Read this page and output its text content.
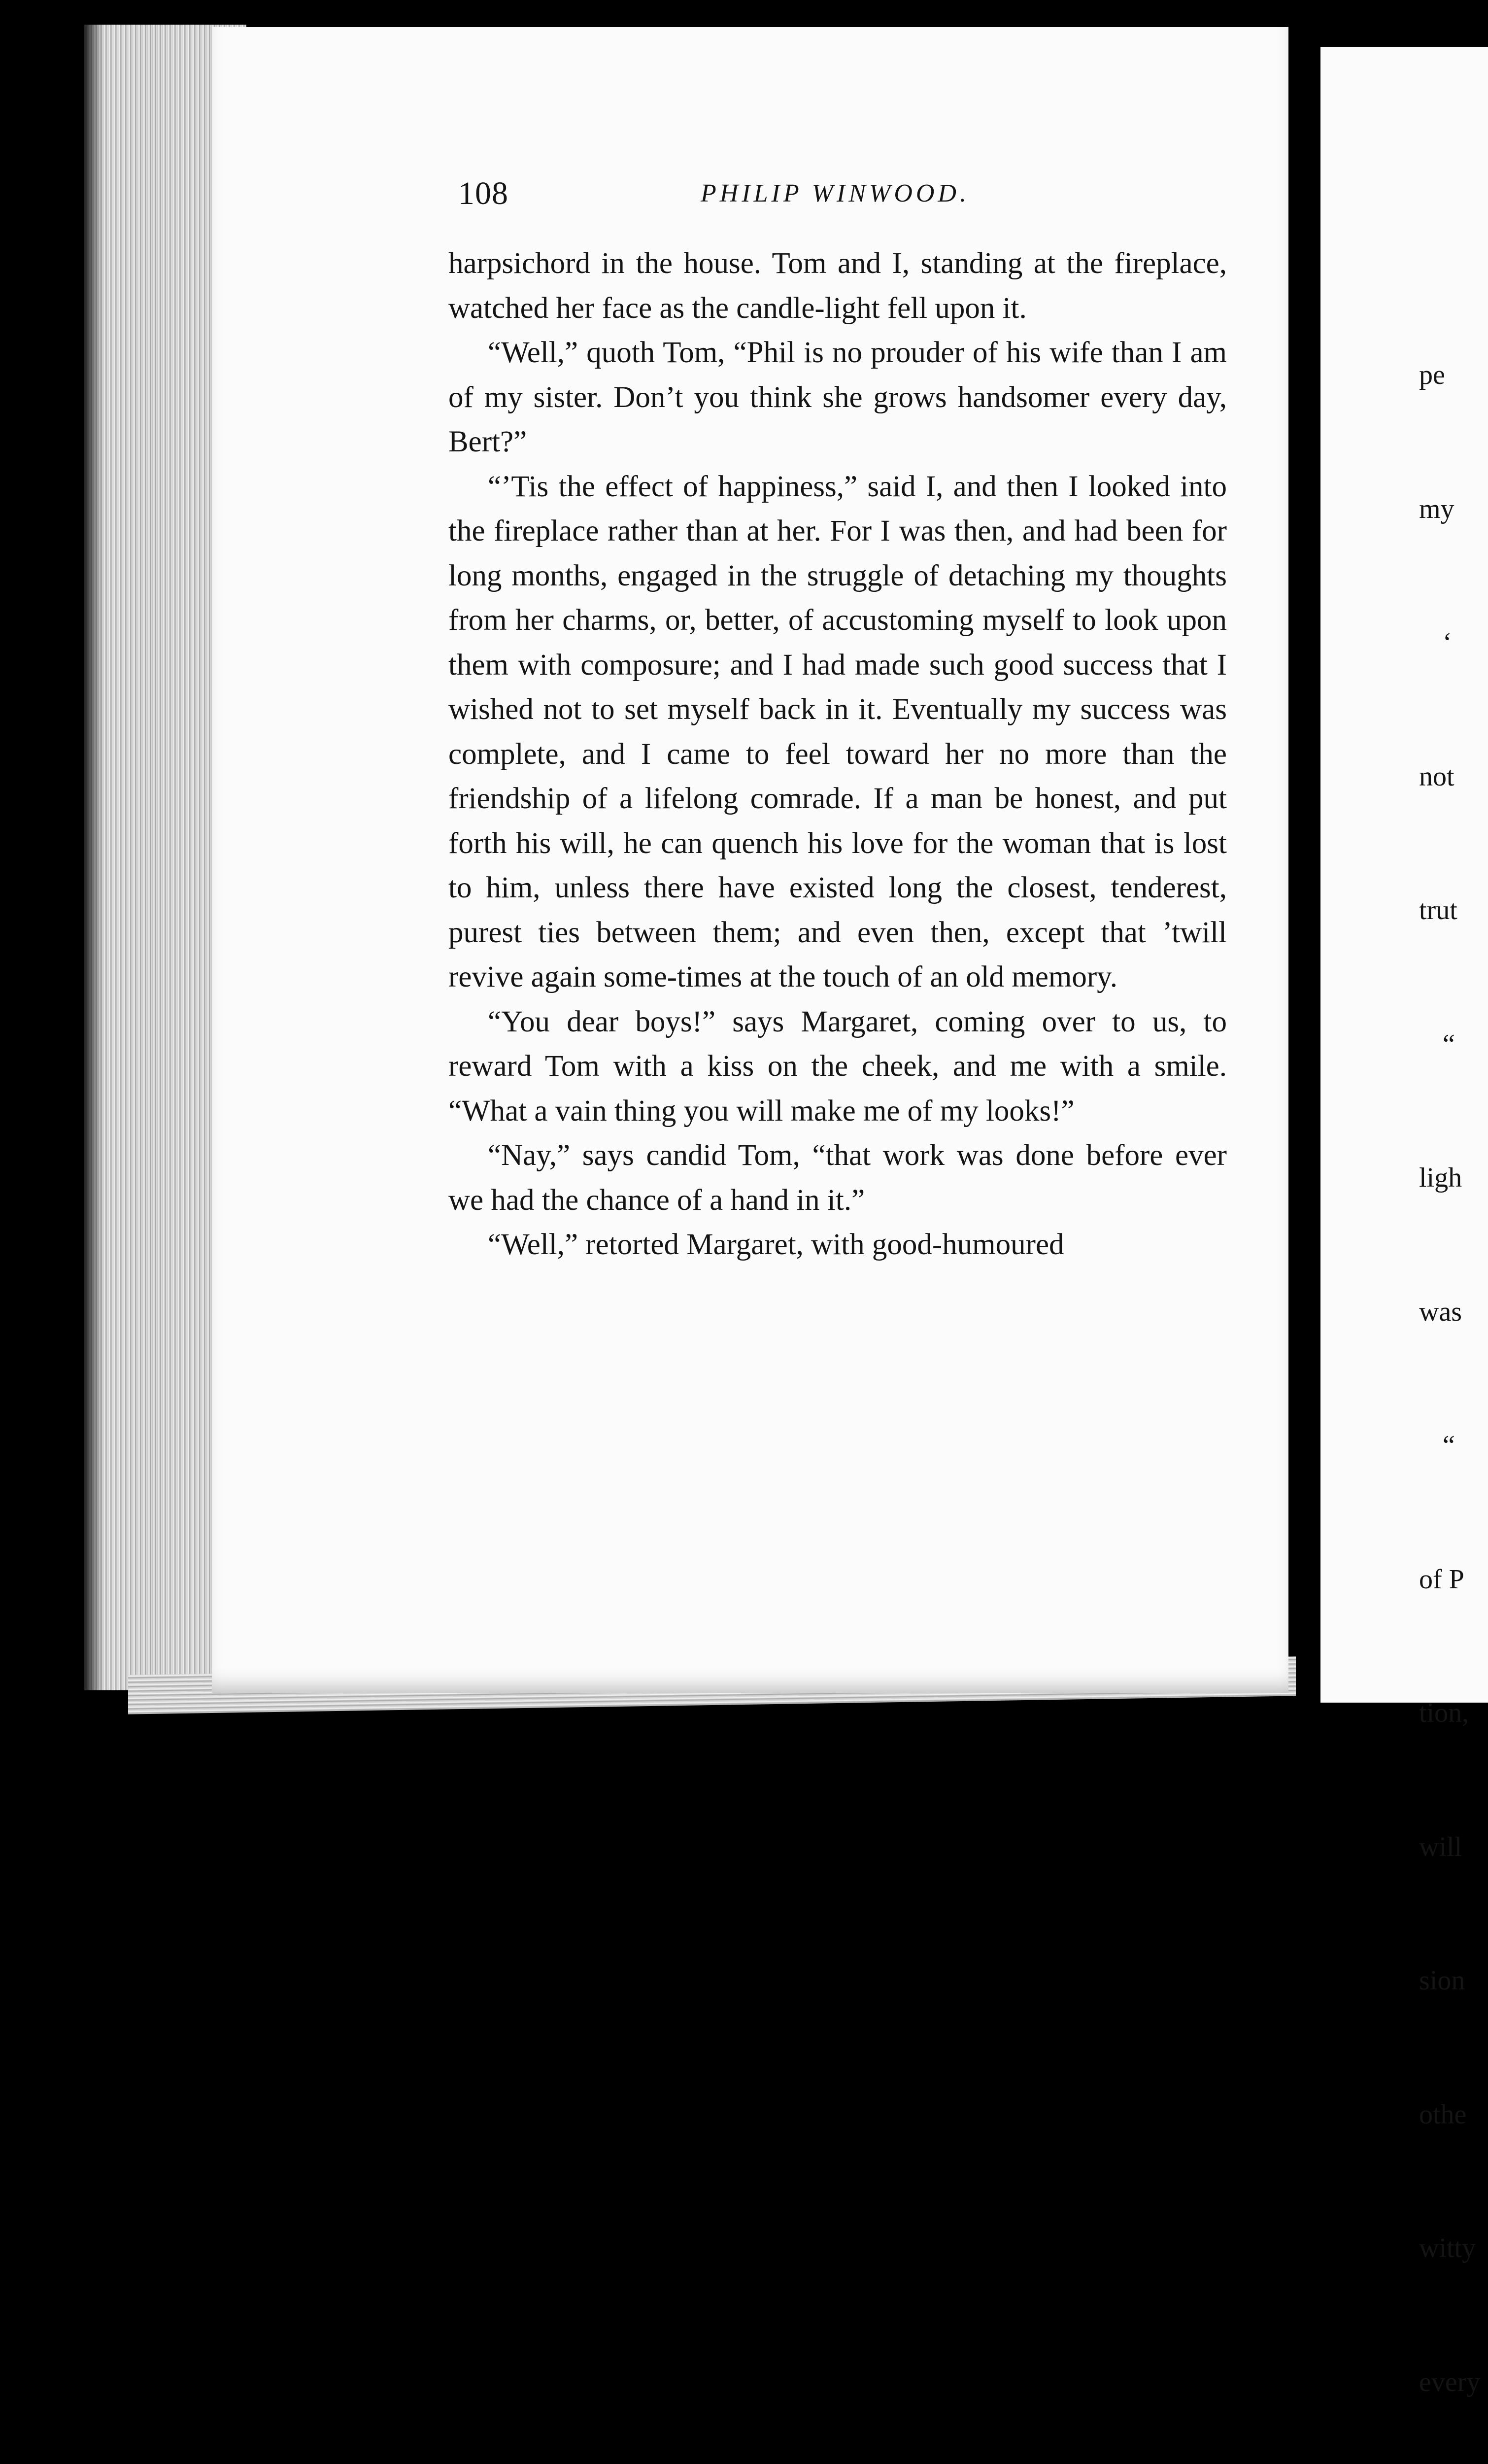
108	PHILIP WINWOOD.

harpsichord in the house. Tom and I, standing at the fireplace, watched her face as the candle-light fell upon it.

“Well,” quoth Tom, “Phil is no prouder of his wife than I am of my sister. Don’t you think she grows handsomer every day, Bert?”

“’Tis the effect of happiness,” said I, and then I looked into the fireplace rather than at her. For I was then, and had been for long months, engaged in the struggle of detaching my thoughts from her charms, or, better, of accustoming myself to look upon them with composure; and I had made such good success that I wished not to set myself back in it. Eventually my success was complete, and I came to feel toward her no more than the friendship of a lifelong comrade. If a man be honest, and put forth his will, he can quench his love for the woman that is lost to him, unless there have existed long the closest, tenderest, purest ties between them; and even then, except that ’twill revive again some-times at the touch of an old memory.

“You dear boys!” says Margaret, coming over to us, to reward Tom with a kiss on the cheek, and me with a smile. “What a vain thing you will make me of my looks!”

“Nay,” says candid Tom, “that work was done before ever we had the chance of a hand in it.”

“Well,” retorted Margaret, with good-humoured

pe

my

‘

not

trut

“

ligh

was

“

of P

tion,

will

sion

othe

witty

every
